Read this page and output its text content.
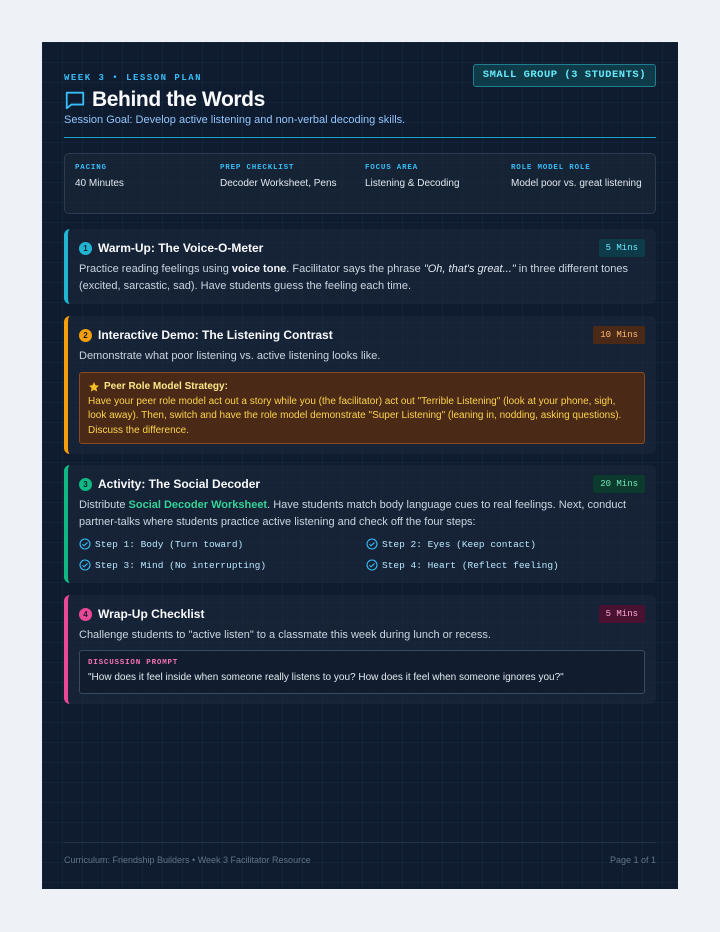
WEEK 3 • LESSON PLAN	SMALL GROUP (3 STUDENTS)
Behind the Words
Session Goal: Develop active listening and non-verbal decoding skills.
PACING
40 Minutes
PREP CHECKLIST
Decoder Worksheet, Pens
FOCUS AREA
Listening & Decoding
ROLE MODEL ROLE
Model poor vs. great listening
1 Warm-Up: The Voice-O-Meter	5 Mins
Practice reading feelings using voice tone. Facilitator says the phrase "Oh, that's great..." in three different tones (excited, sarcastic, sad). Have students guess the feeling each time.
2 Interactive Demo: The Listening Contrast	10 Mins
Demonstrate what poor listening vs. active listening looks like.
Peer Role Model Strategy:
Have your peer role model act out a story while you (the facilitator) act out "Terrible Listening" (look at your phone, sigh, look away). Then, switch and have the role model demonstrate "Super Listening" (leaning in, nodding, asking questions). Discuss the difference.
3 Activity: The Social Decoder	20 Mins
Distribute Social Decoder Worksheet. Have students match body language cues to real feelings. Next, conduct partner-talks where students practice active listening and check off the four steps:
Step 1: Body (Turn toward)	Step 2: Eyes (Keep contact)
Step 3: Mind (No interrupting)	Step 4: Heart (Reflect feeling)
4 Wrap-Up Checklist	5 Mins
Challenge students to "active listen" to a classmate this week during lunch or recess.
DISCUSSION PROMPT
"How does it feel inside when someone really listens to you? How does it feel when someone ignores you?"
Curriculum: Friendship Builders • Week 3 Facilitator Resource	Page 1 of 1
